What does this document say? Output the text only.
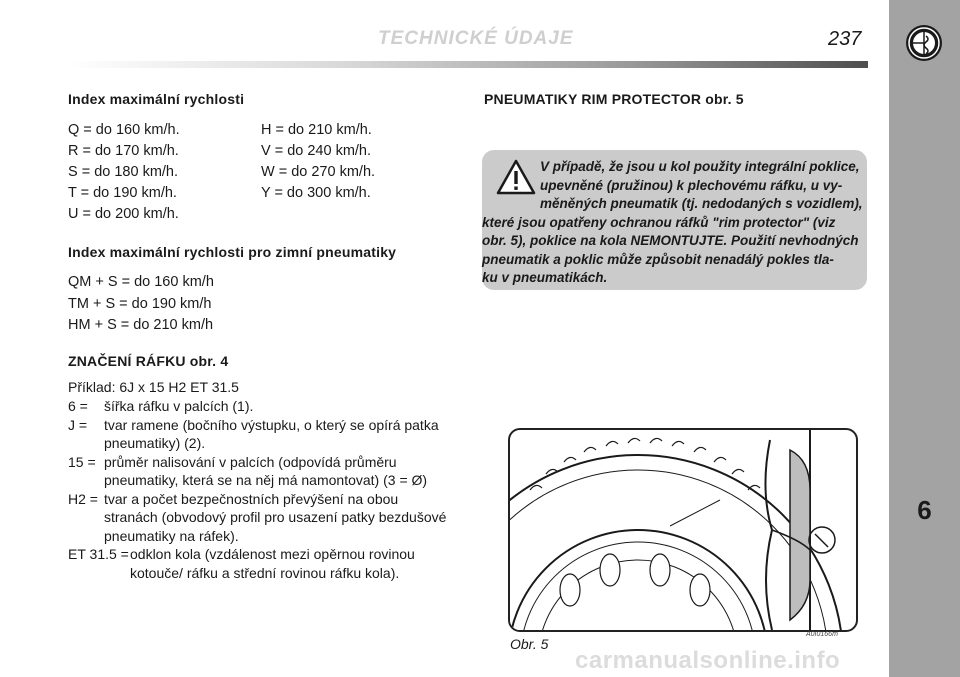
TECHNICKÉ ÚDAJE	237
6
Index maximální rychlosti
Q = do 160 km/h.	H = do 210 km/h.
R = do 170 km/h.	V = do 240 km/h.
S = do 180 km/h.	W = do 270 km/h.
T = do 190 km/h.	Y = do 300 km/h.
U = do 200 km/h.
Index maximální rychlosti pro zimní pneumatiky
QM + S = do 160 km/h
TM + S = do 190 km/h
HM + S = do 210 km/h
ZNAČENÍ RÁFKU obr. 4
Příklad: 6J x 15 H2 ET 31.5
6 =	šířka ráfku v palcích (1).
J =	tvar ramene (bočního výstupku, o který se opírá patka pneumatiky) (2).
15 = průměr nalisování v palcích (odpovídá průměru pneumatiky, která se na něj má namontovat) (3 = Ø)
H2 = tvar a počet bezpečnostních převýšení na obou stranách (obvodový profil pro usazení patky bezdušové pneumatiky na ráfek).
ET 31.5 = odklon kola (vzdálenost mezi opěrnou rovinou kotouče/ ráfku a střední rovinou ráfku kola).
PNEUMATIKY RIM PROTECTOR obr. 5
V případě, že jsou u kol použity integrální poklice,
upevněné (pružinou) k plechovému ráfku, u vy-
měněných pneumatik (tj. nedodaných s vozidlem),
které jsou opatřeny ochranou ráfků "rim protector" (viz
obr. 5), poklice na kola NEMONTUJTE. Použití nevhodných
pneumatik a poklic může způsobit nenadálý pokles tla-
ku v pneumatikách.
Obr. 5
A0I0166m
carmanualsonline.info
